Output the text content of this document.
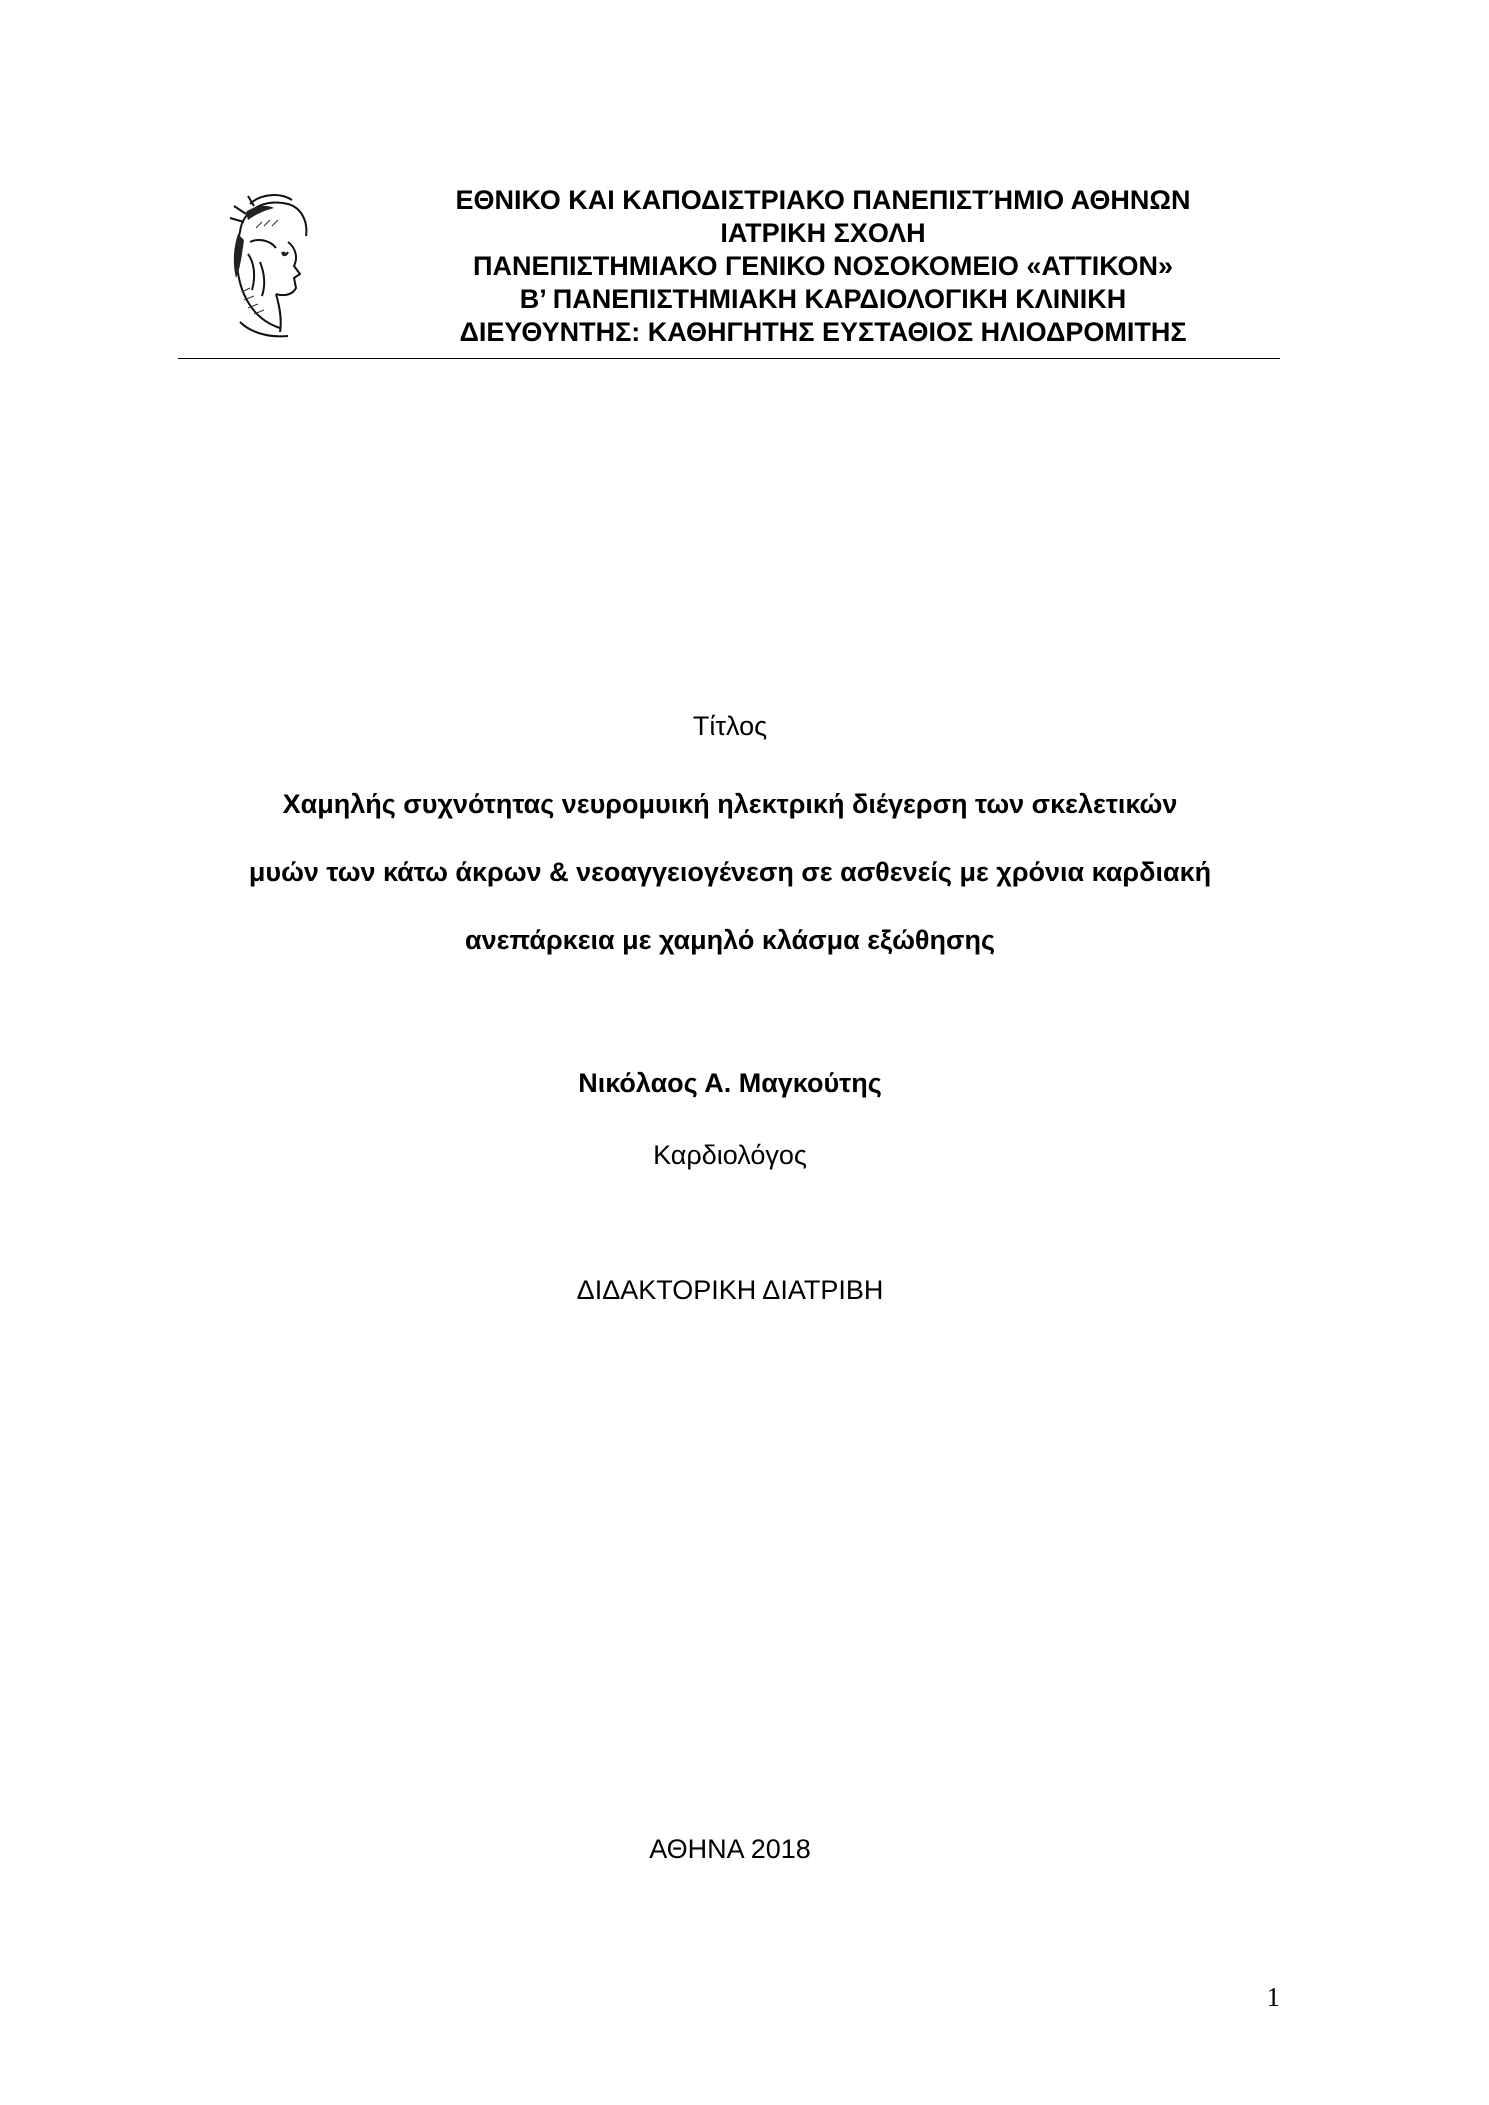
ΕΘΝΙΚΟ ΚΑΙ ΚΑΠΟΔΙΣΤΡΙΑΚΟ ΠΑΝΕΠΙΣΤΉΜΙΟ ΑΘΗΝΩΝ
ΙΑΤΡΙΚΗ ΣΧΟΛΗ
ΠΑΝΕΠΙΣΤΗΜΙΑΚΟ ΓΕΝΙΚΟ ΝΟΣΟΚΟΜΕΙΟ «ΑΤΤΙΚΟΝ»
Β’ ΠΑΝΕΠΙΣΤΗΜΙΑΚΗ ΚΑΡΔΙΟΛΟΓΙΚΗ ΚΛΙΝΙΚΗ
ΔΙΕΥΘΥΝΤΗΣ: ΚΑΘΗΓΗΤΗΣ ΕΥΣΤΑΘΙΟΣ ΗΛΙΟΔΡΟΜΙΤΗΣ
Τίτλος
Χαμηλής συχνότητας νευρομυική ηλεκτρική διέγερση των σκελετικών
μυών των κάτω άκρων & νεοαγγειογένεση σε ασθενείς με χρόνια καρδιακή
ανεπάρκεια με χαμηλό κλάσμα εξώθησης
Νικόλαος Α. Μαγκούτης
Καρδιολόγος
ΔΙΔΑΚΤΟΡΙΚΗ ΔΙΑΤΡΙΒΗ
ΑΘΗΝΑ 2018
1
